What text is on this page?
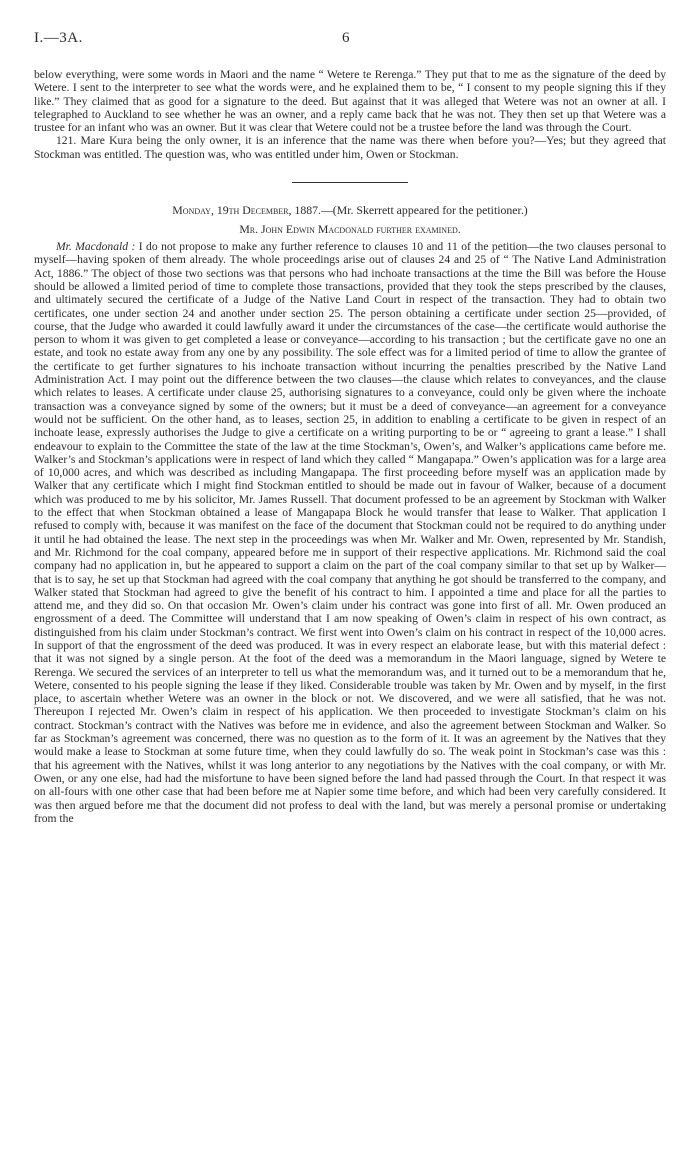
I.—3A.	6

below everything, were some words in Maori and the name “ Wetere te Rerenga.” They put that to me as the signature of the deed by Wetere. I sent to the interpreter to see what the words were, and he explained them to be, “ I consent to my people signing this if they like.” They claimed that as good for a signature to the deed. But against that it was alleged that Wetere was not an owner at all. I telegraphed to Auckland to see whether he was an owner, and a reply came back that he was not. They then set up that Wetere was a trustee for an infant who was an owner. But it was clear that Wetere could not be a trustee before the land was through the Court.

121. Mare Kura being the only owner, it is an inference that the name was there when before you?—Yes; but they agreed that Stockman was entitled. The question was, who was entitled under him, Owen or Stockman.

Monday, 19th December, 1887.—(Mr. Skerrett appeared for the petitioner.)
Mr. John Edwin Macdonald further examined.

Mr. Macdonald : I do not propose to make any further reference to clauses 10 and 11 of the petition—the two clauses personal to myself—having spoken of them already. The whole proceedings arise out of clauses 24 and 25 of “ The Native Land Administration Act, 1886.” The object of those two sections was that persons who had inchoate transactions at the time the Bill was before the House should be allowed a limited period of time to complete those transactions, provided that they took the steps prescribed by the clauses, and ultimately secured the certificate of a Judge of the Native Land Court in respect of the transaction. They had to obtain two certificates, one under section 24 and another under section 25. The person obtaining a certificate under section 25—provided, of course, that the Judge who awarded it could lawfully award it under the circumstances of the case—the certificate would authorise the person to whom it was given to get completed a lease or conveyance—according to his transaction ; but the certificate gave no one an estate, and took no estate away from any one by any possibility. The sole effect was for a limited period of time to allow the grantee of the certificate to get further signatures to his inchoate transaction without incurring the penalties prescribed by the Native Land Administration Act. I may point out the difference between the two clauses—the clause which relates to conveyances, and the clause which relates to leases. A certificate under clause 25, authorising signatures to a conveyance, could only be given where the inchoate transaction was a conveyance signed by some of the owners; but it must be a deed of conveyance—an agreement for a conveyance would not be sufficient. On the other hand, as to leases, section 25, in addition to enabling a certificate to be given in respect of an inchoate lease, expressly authorises the Judge to give a certificate on a writing purporting to be or “ agreeing to grant a lease.” I shall endeavour to explain to the Committee the state of the law at the time Stockman’s, Owen’s, and Walker’s applications came before me. Walker’s and Stockman’s applications were in respect of land which they called “ Mangapapa.” Owen’s application was for a large area of 10,000 acres, and which was described as including Mangapapa. The first proceeding before myself was an application made by Walker that any certificate which I might find Stockman entitled to should be made out in favour of Walker, because of a document which was produced to me by his solicitor, Mr. James Russell. That document professed to be an agreement by Stockman with Walker to the effect that when Stockman obtained a lease of Mangapapa Block he would transfer that lease to Walker. That application I refused to comply with, because it was manifest on the face of the document that Stockman could not be required to do anything under it until he had obtained the lease. The next step in the proceedings was when Mr. Walker and Mr. Owen, represented by Mr. Standish, and Mr. Richmond for the coal company, appeared before me in support of their respective applications. Mr. Richmond said the coal company had no application in, but he appeared to support a claim on the part of the coal company similar to that set up by Walker—that is to say, he set up that Stockman had agreed with the coal company that anything he got should be transferred to the company, and Walker stated that Stockman had agreed to give the benefit of his contract to him. I appointed a time and place for all the parties to attend me, and they did so. On that occasion Mr. Owen’s claim under his contract was gone into first of all. Mr. Owen produced an engrossment of a deed. The Committee will understand that I am now speaking of Owen’s claim in respect of his own contract, as distinguished from his claim under Stockman’s contract. We first went into Owen’s claim on his contract in respect of the 10,000 acres. In support of that the engrossment of the deed was produced. It was in every respect an elaborate lease, but with this material defect : that it was not signed by a single person. At the foot of the deed was a memorandum in the Maori language, signed by Wetere te Rerenga. We secured the services of an interpreter to tell us what the memorandum was, and it turned out to be a memorandum that he, Wetere, consented to his people signing the lease if they liked. Considerable trouble was taken by Mr. Owen and by myself, in the first place, to ascertain whether Wetere was an owner in the block or not. We discovered, and we were all satisfied, that he was not. Thereupon I rejected Mr. Owen’s claim in respect of his application. We then proceeded to investigate Stockman’s claim on his contract. Stockman’s contract with the Natives was before me in evidence, and also the agreement between Stockman and Walker. So far as Stockman’s agreement was concerned, there was no question as to the form of it. It was an agreement by the Natives that they would make a lease to Stockman at some future time, when they could lawfully do so. The weak point in Stockman’s case was this : that his agreement with the Natives, whilst it was long anterior to any negotiations by the Natives with the coal company, or with Mr. Owen, or any one else, had had the misfortune to have been signed before the land had passed through the Court. In that respect it was on all-fours with one other case that had been before me at Napier some time before, and which had been very carefully considered. It was then argued before me that the document did not profess to deal with the land, but was merely a personal promise or undertaking from the
